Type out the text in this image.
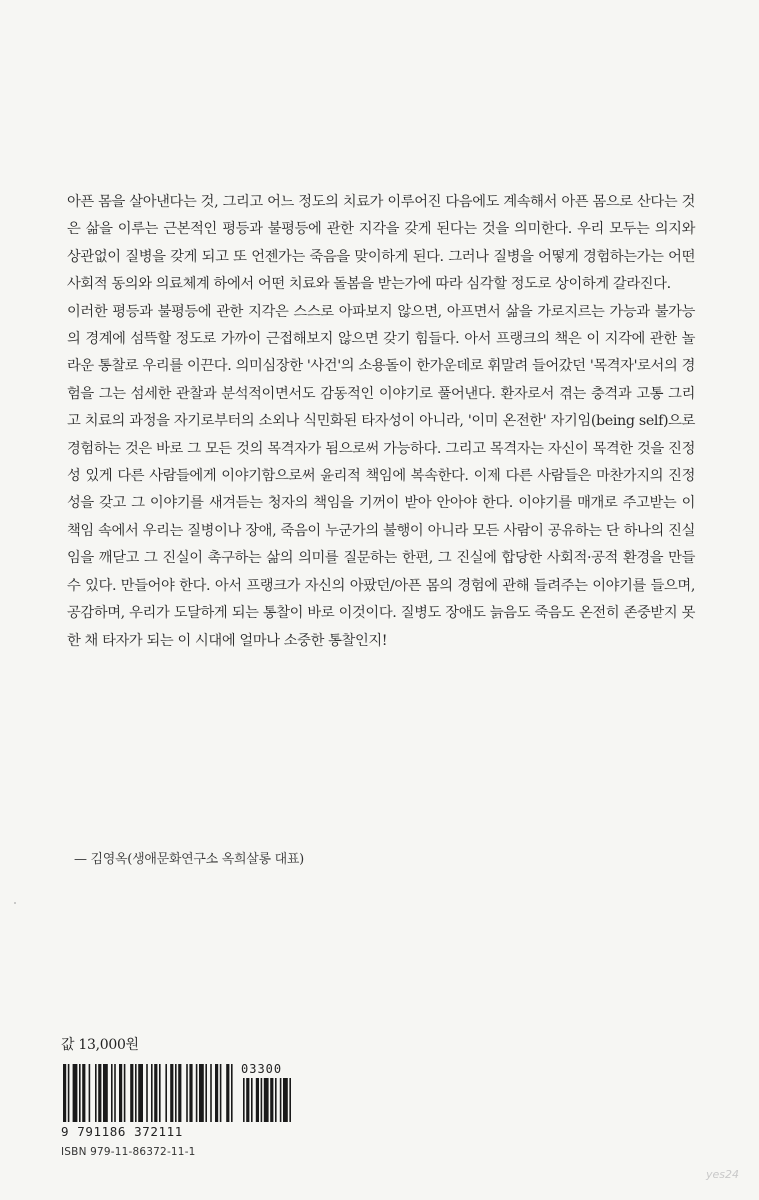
아픈 몸을 살아낸다는 것, 그리고 어느 정도의 치료가 이루어진 다음에도 계속해서 아픈 몸으로 산다는 것은 삶을 이루는 근본적인 평등과 불평등에 관한 지각을 갖게 된다는 것을 의미한다. 우리 모두는 의지와 상관없이 질병을 갖게 되고 또 언젠가는 죽음을 맞이하게 된다. 그러나 질병을 어떻게 경험하는가는 어떤 사회적 동의와 의료체계 하에서 어떤 치료와 돌봄을 받는가에 따라 심각할 정도로 상이하게 갈라진다.

이러한 평등과 불평등에 관한 지각은 스스로 아파보지 않으면, 아프면서 삶을 가로지르는 가능과 불가능의 경계에 섬뜩할 정도로 가까이 근접해보지 않으면 갖기 힘들다. 아서 프랭크의 책은 이 지각에 관한 놀라운 통찰로 우리를 이끈다. 의미심장한 '사건'의 소용돌이 한가운데로 휘말려 들어갔던 '목격자'로서의 경험을 그는 섬세한 관찰과 분석적이면서도 감동적인 이야기로 풀어낸다. 환자로서 겪는 충격과 고통 그리고 치료의 과정을 자기로부터의 소외나 식민화된 타자성이 아니라, '이미 온전한' 자기임(being self)으로 경험하는 것은 바로 그 모든 것의 목격자가 됨으로써 가능하다. 그리고 목격자는 자신이 목격한 것을 진정성 있게 다른 사람들에게 이야기함으로써 윤리적 책임에 복속한다. 이제 다른 사람들은 마찬가지의 진정성을 갖고 그 이야기를 새겨듣는 청자의 책임을 기꺼이 받아 안아야 한다. 이야기를 매개로 주고받는 이 책임 속에서 우리는 질병이나 장애, 죽음이 누군가의 불행이 아니라 모든 사람이 공유하는 단 하나의 진실임을 깨닫고 그 진실이 촉구하는 삶의 의미를 질문하는 한편, 그 진실에 합당한 사회적·공적 환경을 만들 수 있다. 만들어야 한다. 아서 프랭크가 자신의 아팠던/아픈 몸의 경험에 관해 들려주는 이야기를 들으며, 공감하며, 우리가 도달하게 되는 통찰이 바로 이것이다. 질병도 장애도 늙음도 죽음도 온전히 존중받지 못한 채 타자가 되는 이 시대에 얼마나 소중한 통찰인지!

— 김영옥(생애문화연구소 옥희살롱 대표)
값 13,000원
03300
9 791186 372111
ISBN 979-11-86372-11-1
yes24
